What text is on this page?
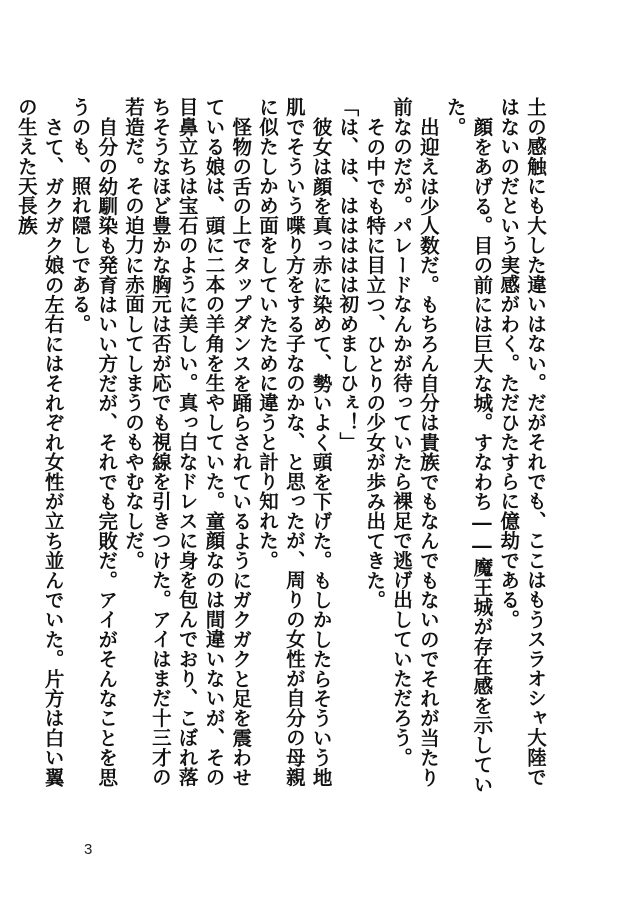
土の感触にも大した違いはない。だがそれでも、ここはもうスラオシャ大陸ではないのだという実感がわく。ただひたすらに億劫である。

顔をあげる。目の前には巨大な城。すなわち――魔王城が存在感を示していた。

出迎えは少人数だ。もちろん自分は貴族でもなんでもないのでそれが当たり前なのだが。パレードなんかが待っていたら裸足で逃げ出していただろう。

その中でも特に目立つ、ひとりの少女が歩み出てきた。

「は、は、ははははは初めましひぇ！」

彼女は顔を真っ赤に染めて、勢いよく頭を下げた。もしかしたらそういう地肌でそういう喋り方をする子なのかな、と思ったが、周りの女性が自分の母親に似たしかめ面をしていたために違うと計り知れた。

怪物の舌の上でタップダンスを踊らされているようにガクガクと足を震わせている娘は、頭に二本の羊角を生やしていた。童顔なのは間違いないが、その目鼻立ちは宝石のように美しい。真っ白なドレスに身を包んでおり、こぼれ落ちそうなほど豊かな胸元は否が応でも視線を引きつけた。アイはまだ十三才の若造だ。その迫力に赤面してしまうのもやむなしだ。

自分の幼馴染も発育はいい方だが、それでも完敗だ。アイがそんなことを思うのも、照れ隠しである。

さて、ガクガク娘の左右にはそれぞれ女性が立ち並んでいた。片方は白い翼の生えた天長族

3
